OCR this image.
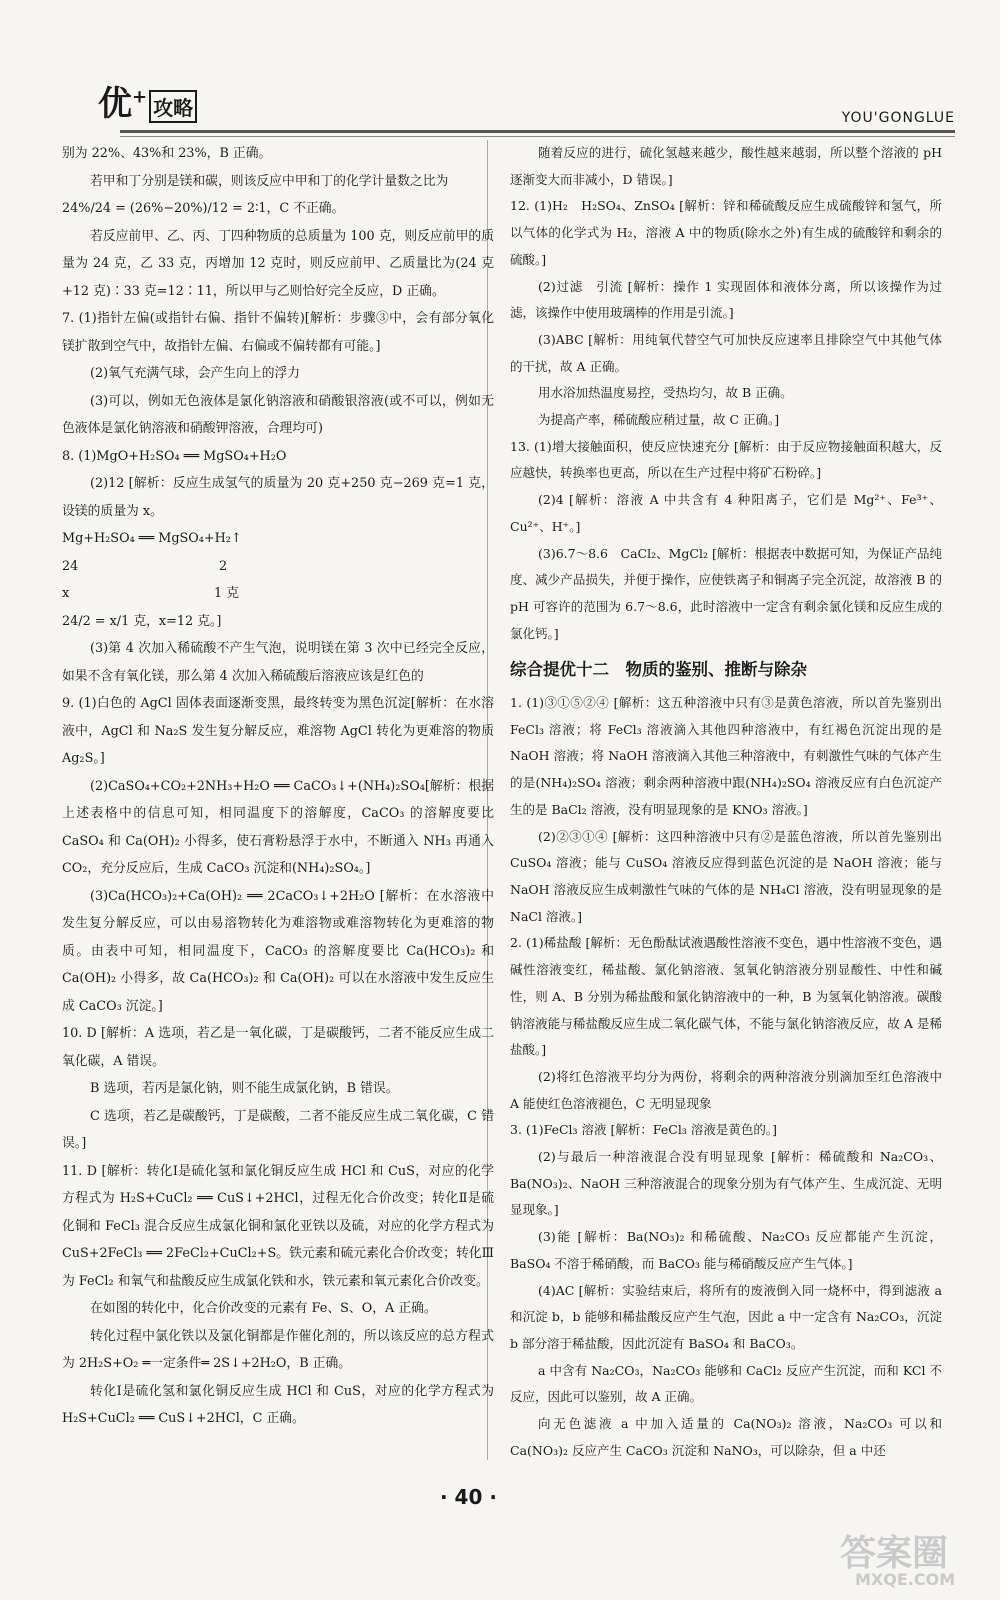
优+ 攻略	YOU'GONGLUE

别为 22%、43%和 23%，B 正确。

若甲和丁分别是镁和碳，则该反应中甲和丁的化学计量数之比为

24%/24 = (26%−20%)/12 = 2∶1，C 不正确。

若反应前甲、乙、丙、丁四种物质的总质量为 100 克，则反应前甲的质量为 24 克，乙 33 克，丙增加 12 克时，则反应前甲、乙质量比为(24 克+12 克)∶33 克=12∶11，所以甲与乙则恰好完全反应，D 正确。

7. (1)指针左偏(或指针右偏、指针不偏转)[解析：步骤③中，会有部分氧化镁扩散到空气中，故指针左偏、右偏或不偏转都有可能。]

(2)氧气充满气球，会产生向上的浮力

(3)可以，例如无色液体是氯化钠溶液和硝酸银溶液(或不可以，例如无色液体是氯化钠溶液和硝酸钾溶液，合理均可)

8. (1)MgO+H₂SO₄ ══ MgSO₄+H₂O

(2)12 [解析：反应生成氢气的质量为 20 克+250 克−269 克=1 克，设镁的质量为 x。

Mg+H₂SO₄ ══ MgSO₄+H₂↑

24　　　　　　　　　　　2

x　　　　　　　　　　　 1 克

24/2 = x/1 克，x=12 克。]

(3)第 4 次加入稀硫酸不产生气泡，说明镁在第 3 次中已经完全反应，如果不含有氧化镁，那么第 4 次加入稀硫酸后溶液应该是红色的

9. (1)白色的 AgCl 固体表面逐渐变黑，最终转变为黑色沉淀[解析：在水溶液中，AgCl 和 Na₂S 发生复分解反应，难溶物 AgCl 转化为更难溶的物质 Ag₂S。]

(2)CaSO₄+CO₂+2NH₃+H₂O ══ CaCO₃↓+(NH₄)₂SO₄[解析：根据上述表格中的信息可知，相同温度下的溶解度，CaCO₃ 的溶解度要比 CaSO₄ 和 Ca(OH)₂ 小得多，使石膏粉悬浮于水中，不断通入 NH₃ 再通入 CO₂，充分反应后，生成 CaCO₃ 沉淀和(NH₄)₂SO₄。]

(3)Ca(HCO₃)₂+Ca(OH)₂ ══ 2CaCO₃↓+2H₂O [解析：在水溶液中发生复分解反应，可以由易溶物转化为难溶物或难溶物转化为更难溶的物质。由表中可知，相同温度下，CaCO₃ 的溶解度要比 Ca(HCO₃)₂ 和 Ca(OH)₂ 小得多，故 Ca(HCO₃)₂ 和 Ca(OH)₂ 可以在水溶液中发生反应生成 CaCO₃ 沉淀。]

10. D [解析：A 选项，若乙是一氧化碳，丁是碳酸钙，二者不能反应生成二氧化碳，A 错误。

B 选项，若丙是氯化钠，则不能生成氯化钠，B 错误。

C 选项，若乙是碳酸钙，丁是碳酸，二者不能反应生成二氧化碳，C 错误。]

11. D [解析：转化Ⅰ是硫化氢和氯化铜反应生成 HCl 和 CuS，对应的化学方程式为 H₂S+CuCl₂ ══ CuS↓+2HCl，过程无化合价改变；转化Ⅱ是硫化铜和 FeCl₃ 混合反应生成氯化铜和氯化亚铁以及硫，对应的化学方程式为 CuS+2FeCl₃ ══ 2FeCl₂+CuCl₂+S。铁元素和硫元素化合价改变；转化Ⅲ为 FeCl₂ 和氧气和盐酸反应生成氯化铁和水，铁元素和氧元素化合价改变。

在如图的转化中，化合价改变的元素有 Fe、S、O，A 正确。

转化过程中氯化铁以及氯化铜都是作催化剂的，所以该反应的总方程式为 2H₂S+O₂ ═一定条件═ 2S↓+2H₂O，B 正确。

转化Ⅰ是硫化氢和氯化铜反应生成 HCl 和 CuS，对应的化学方程式为 H₂S+CuCl₂ ══ CuS↓+2HCl，C 正确。

随着反应的进行，硫化氢越来越少，酸性越来越弱，所以整个溶液的 pH 逐渐变大而非减小，D 错误。]

12. (1)H₂　H₂SO₄、ZnSO₄ [解析：锌和稀硫酸反应生成硫酸锌和氢气，所以气体的化学式为 H₂，溶液 A 中的物质(除水之外)有生成的硫酸锌和剩余的硫酸。]

(2)过滤　引流 [解析：操作 1 实现固体和液体分离，所以该操作为过滤，该操作中使用玻璃棒的作用是引流。]

(3)ABC [解析：用纯氧代替空气可加快反应速率且排除空气中其他气体的干扰，故 A 正确。

用水浴加热温度易控，受热均匀，故 B 正确。

为提高产率，稀硫酸应稍过量，故 C 正确。]

13. (1)增大接触面积，使反应快速充分 [解析：由于反应物接触面积越大，反应越快，转换率也更高，所以在生产过程中将矿石粉碎。]

(2)4 [解析：溶液 A 中共含有 4 种阳离子，它们是 Mg²⁺、Fe³⁺、Cu²⁺、H⁺。]

(3)6.7～8.6　CaCl₂、MgCl₂ [解析：根据表中数据可知，为保证产品纯度、减少产品损失，并便于操作，应使铁离子和铜离子完全沉淀，故溶液 B 的 pH 可容许的范围为 6.7～8.6，此时溶液中一定含有剩余氯化镁和反应生成的氯化钙。]

综合提优十二　物质的鉴别、推断与除杂

1. (1)③①⑤②④ [解析：这五种溶液中只有③是黄色溶液，所以首先鉴别出 FeCl₃ 溶液；将 FeCl₃ 溶液滴入其他四种溶液中，有红褐色沉淀出现的是 NaOH 溶液；将 NaOH 溶液滴入其他三种溶液中，有刺激性气味的气体产生的是(NH₄)₂SO₄ 溶液；剩余两种溶液中跟(NH₄)₂SO₄ 溶液反应有白色沉淀产生的是 BaCl₂ 溶液，没有明显现象的是 KNO₃ 溶液。]

(2)②③①④ [解析：这四种溶液中只有②是蓝色溶液，所以首先鉴别出 CuSO₄ 溶液；能与 CuSO₄ 溶液反应得到蓝色沉淀的是 NaOH 溶液；能与 NaOH 溶液反应生成刺激性气味的气体的是 NH₄Cl 溶液，没有明显现象的是 NaCl 溶液。]

2. (1)稀盐酸 [解析：无色酚酞试液遇酸性溶液不变色，遇中性溶液不变色，遇碱性溶液变红，稀盐酸、氯化钠溶液、氢氧化钠溶液分别显酸性、中性和碱性，则 A、B 分别为稀盐酸和氯化钠溶液中的一种，B 为氢氧化钠溶液。碳酸钠溶液能与稀盐酸反应生成二氧化碳气体，不能与氯化钠溶液反应，故 A 是稀盐酸。]

(2)将红色溶液平均分为两份，将剩余的两种溶液分别滴加至红色溶液中　A 能使红色溶液褪色，C 无明显现象

3. (1)FeCl₃ 溶液 [解析：FeCl₃ 溶液是黄色的。]

(2)与最后一种溶液混合没有明显现象 [解析：稀硫酸和 Na₂CO₃、Ba(NO₃)₂、NaOH 三种溶液混合的现象分别为有气体产生、生成沉淀、无明显现象。]

(3)能 [解析：Ba(NO₃)₂ 和稀硫酸、Na₂CO₃ 反应都能产生沉淀，BaSO₄ 不溶于稀硝酸，而 BaCO₃ 能与稀硝酸反应产生气体。]

(4)AC [解析：实验结束后，将所有的废液倒入同一烧杯中，得到滤液 a 和沉淀 b，b 能够和稀盐酸反应产生气泡，因此 a 中一定含有 Na₂CO₃，沉淀 b 部分溶于稀盐酸，因此沉淀有 BaSO₄ 和 BaCO₃。

a 中含有 Na₂CO₃，Na₂CO₃ 能够和 CaCl₂ 反应产生沉淀，而和 KCl 不反应，因此可以鉴别，故 A 正确。

向无色滤液 a 中加入适量的 Ca(NO₃)₂ 溶液，Na₂CO₃ 可以和 Ca(NO₃)₂ 反应产生 CaCO₃ 沉淀和 NaNO₃，可以除杂，但 a 中还

· 40 ·
答案圈
MXQE.COM
